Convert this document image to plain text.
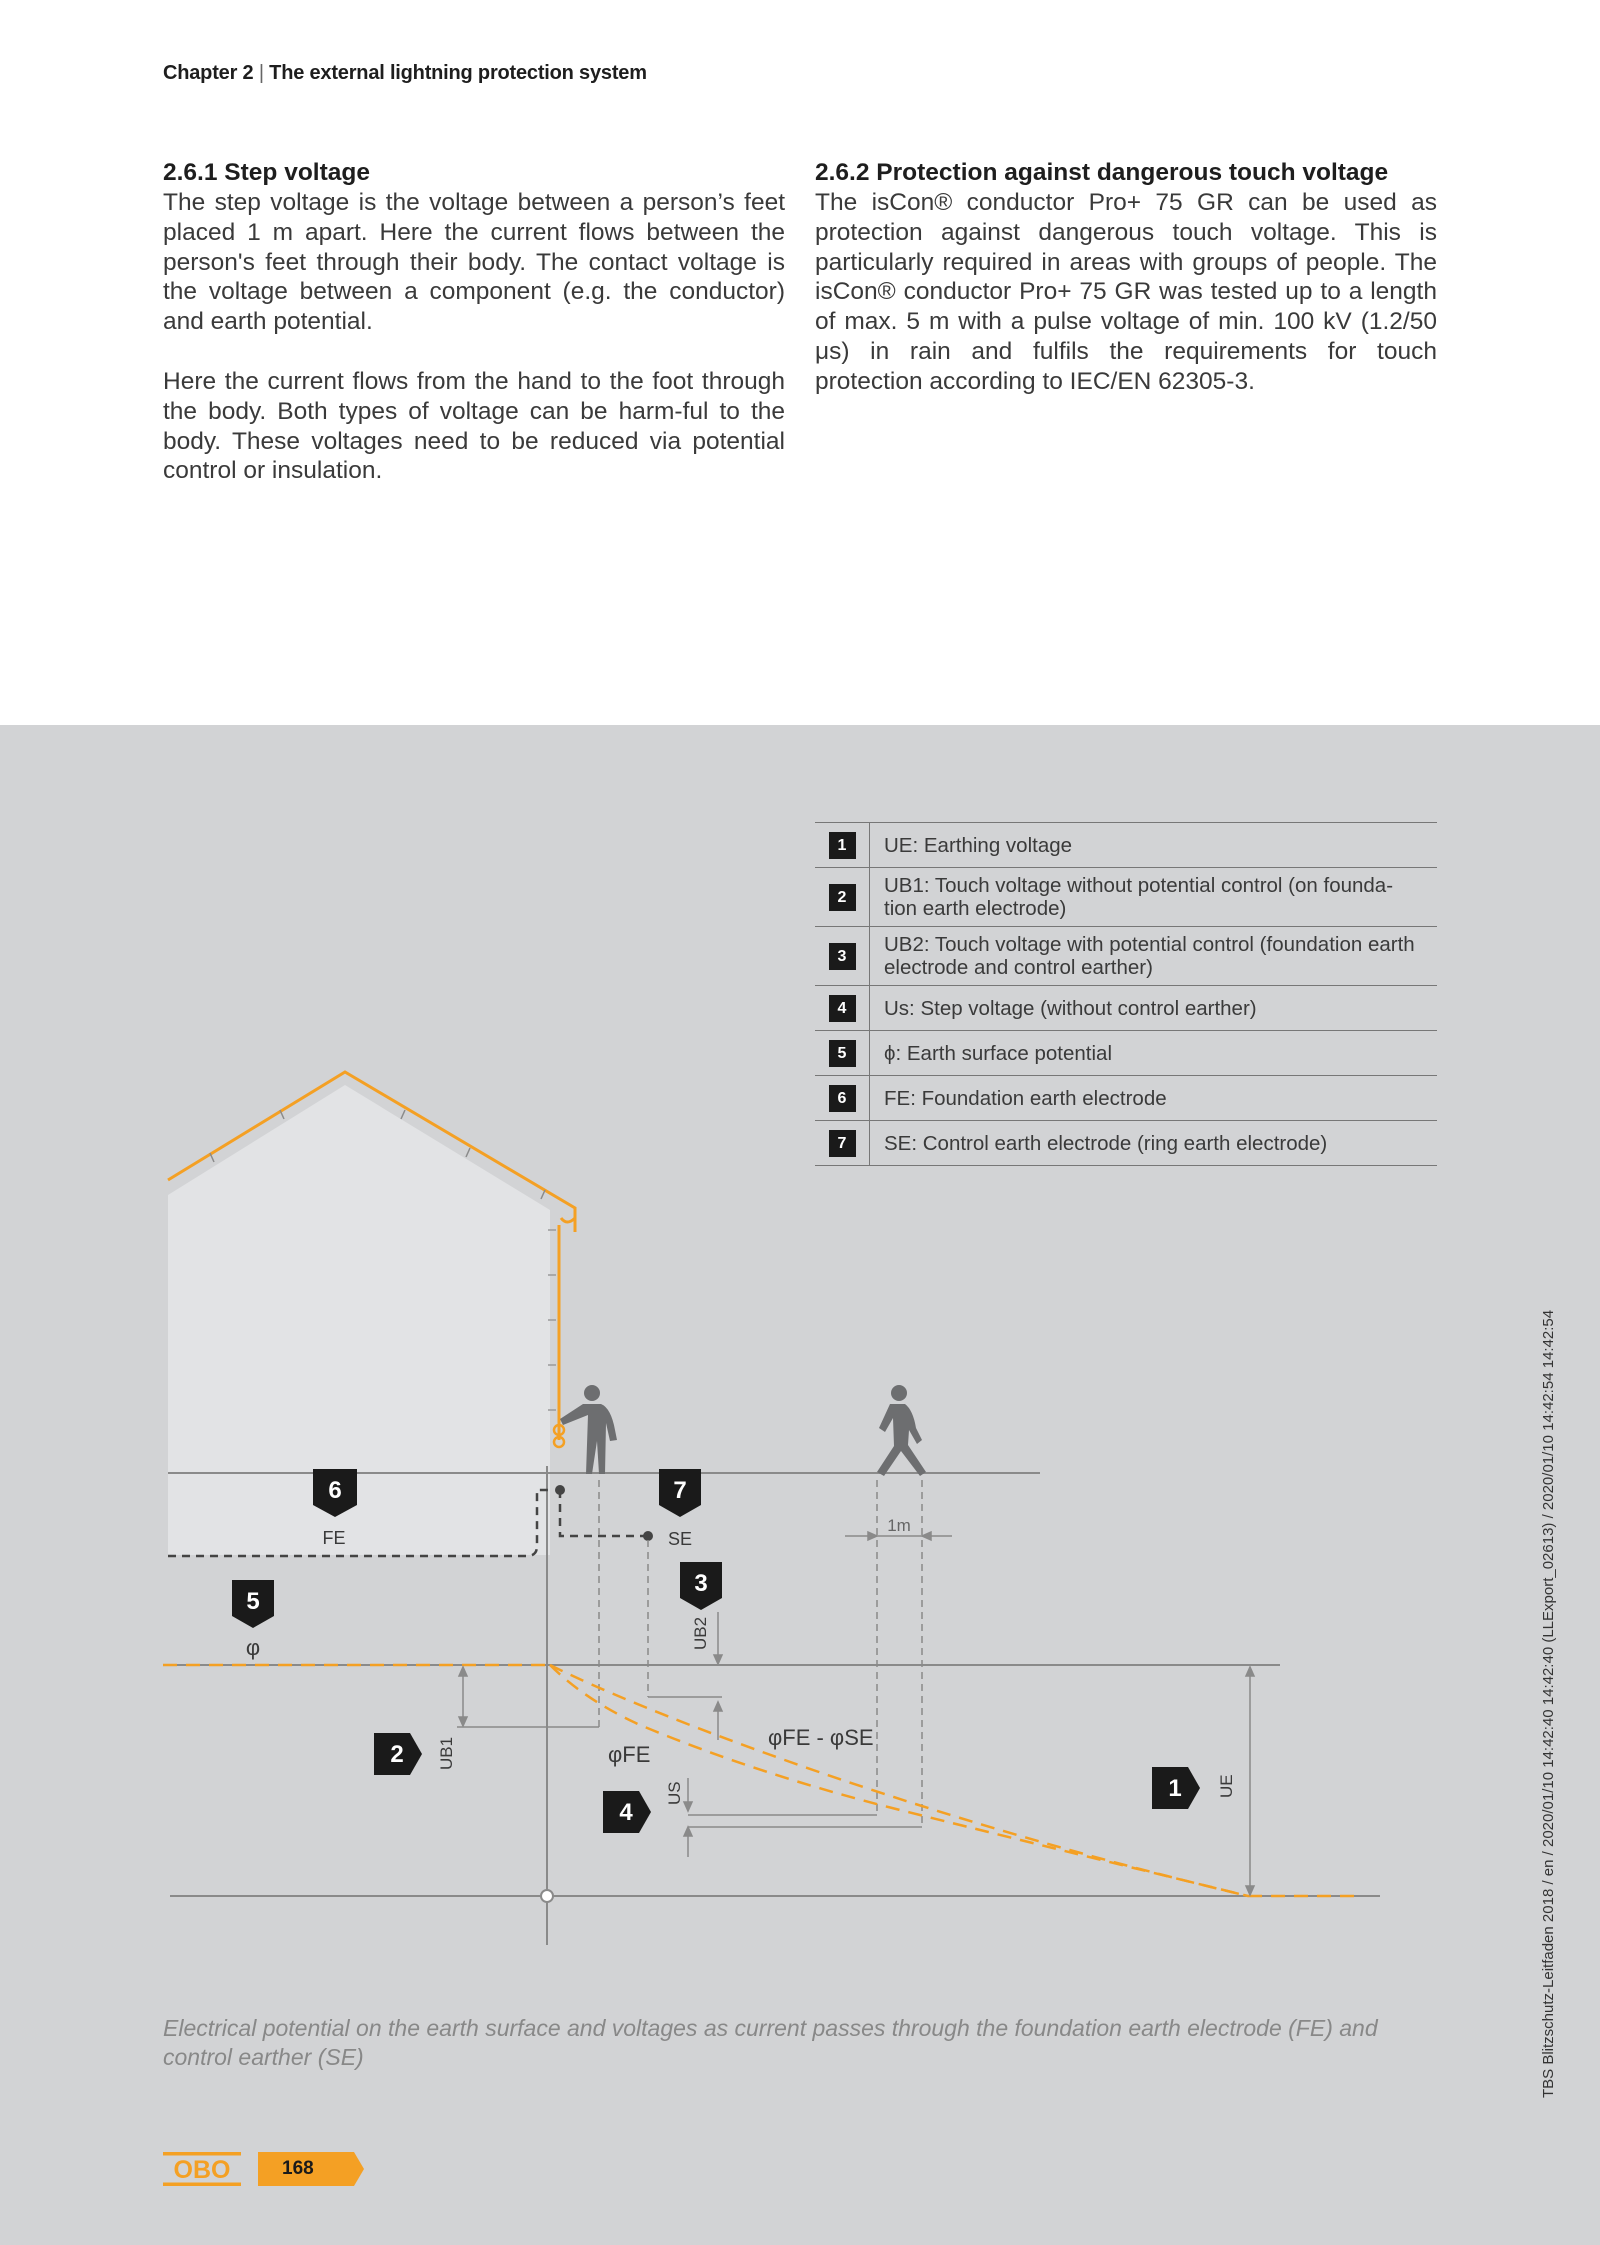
Chapter 2 | The external lightning protection system
2.6.1 Step voltage

The step voltage is the voltage between a person’s feet placed 1 m apart. Here the current flows between the person's feet through their body. The contact voltage is the voltage between a component (e.g. the conductor) and earth potential.

Here the current flows from the hand to the foot through the body. Both types of voltage can be harm-ful to the body. These voltages need to be reduced via potential control or insulation.

2.6.2 Protection against dangerous touch voltage

The isCon® conductor Pro+ 75 GR can be used as protection against dangerous touch voltage. This is particularly required in areas with groups of people. The isCon® conductor Pro+ 75 GR was tested up to a length of max. 5 m with a pulse voltage of min. 100 kV (1.2/50 μs) in rain and fulfils the requirements for touch protection according to IEC/EN 62305-3.

1	UE: Earthing voltage
2	UB1: Touch voltage without potential control (on founda-tion earth electrode)
3	UB2: Touch voltage with potential control (foundation earth electrode and control earther)
4	Us: Step voltage (without control earther)
5	ϕ: Earth surface potential
6	FE: Foundation earth electrode
7	SE: Control earth electrode (ring earth electrode)
6	7
3
5
2
4
1
FE	SE
φ
1m
φFE
φFE - φSE
UB1
UB2
US	UE
Electrical potential on the earth surface and voltages as current passes through the foundation earth electrode (FE) and control earther (SE)	TBS Blitzschutz-Leitfaden 2018 / en / 2020/01/10 14:42:40 14:42:40 (LLExport_02613) / 2020/01/10 14:42:54 14:42:54
OBO	168
